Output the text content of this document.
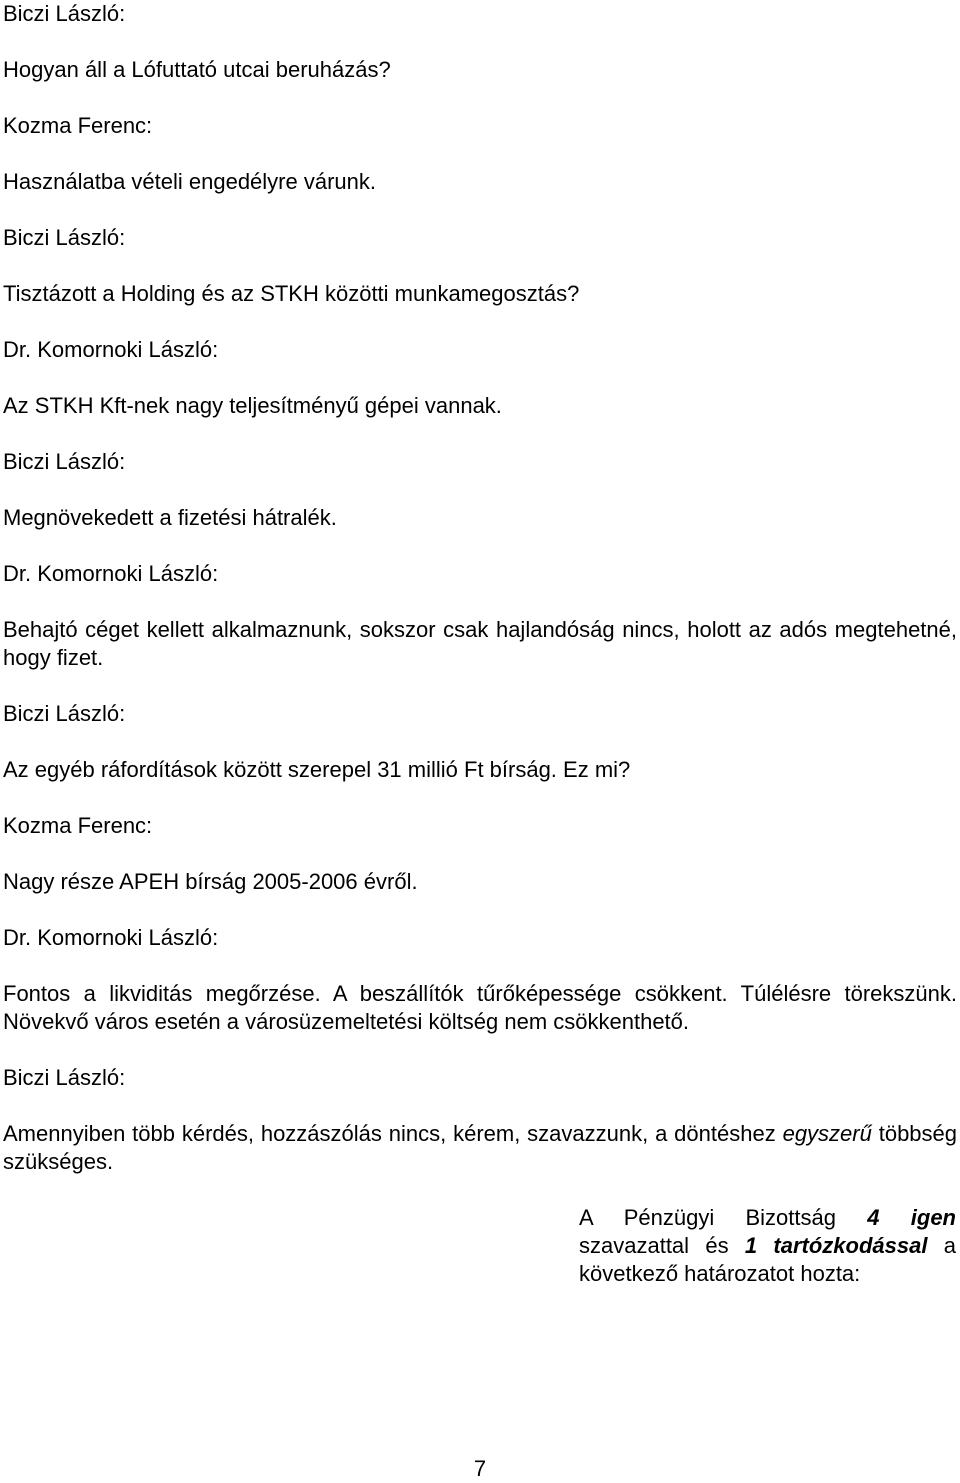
Biczi László:
Hogyan áll a Lófuttató utcai beruházás?
Kozma Ferenc:
Használatba vételi engedélyre várunk.
Biczi László:
Tisztázott a Holding és az STKH közötti munkamegosztás?
Dr. Komornoki László:
Az STKH Kft-nek nagy teljesítményű gépei vannak.
Biczi László:
Megnövekedett a fizetési hátralék.
Dr. Komornoki László:
Behajtó céget kellett alkalmaznunk, sokszor csak hajlandóság nincs, holott az adós megtehetné, hogy fizet.
Biczi László:
Az egyéb ráfordítások között szerepel 31 millió Ft bírság. Ez mi?
Kozma Ferenc:
Nagy része APEH bírság 2005-2006 évről.
Dr. Komornoki László:
Fontos a likviditás megőrzése. A beszállítók tűrőképessége csökkent. Túlélésre törekszünk. Növekvő város esetén a városüzemeltetési költség nem csökkenthető.
Biczi László:
Amennyiben több kérdés, hozzászólás nincs, kérem, szavazzunk, a döntéshez egyszerű többség szükséges.
A Pénzügyi Bizottság 4 igen szavazattal és 1 tartózkodással a következő határozatot hozta:
7
